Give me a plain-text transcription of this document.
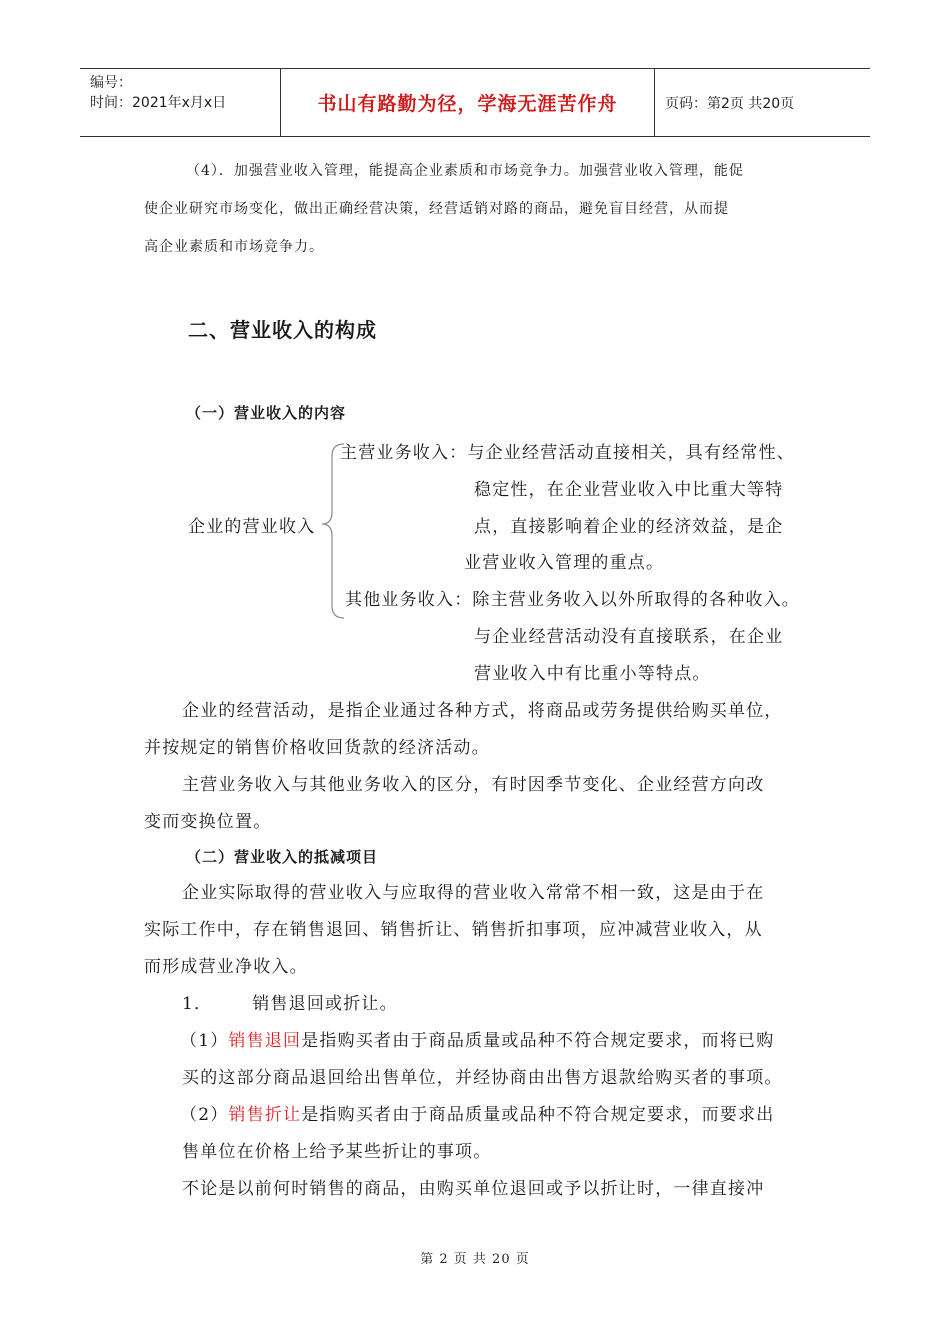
编号：
时间：2021年x月x日	书山有路勤为径，学海无涯苦作舟	页码：第2页 共20页
（4）．加强营业收入管理，能提高企业素质和市场竞争力。加强营业收入管理，能促
使企业研究市场变化，做出正确经营决策，经营适销对路的商品，避免盲目经营，从而提
高企业素质和市场竞争力。
二、营业收入的构成
（一）营业收入的内容
企业的营业收入
主营业务收入：与企业经营活动直接相关，具有经常性、
稳定性，在企业营业收入中比重大等特
点，直接影响着企业的经济效益，是企
业营业收入管理的重点。
其他业务收入：除主营业务收入以外所取得的各种收入。
与企业经营活动没有直接联系，在企业
营业收入中有比重小等特点。
企业的经营活动，是指企业通过各种方式，将商品或劳务提供给购买单位，
并按规定的销售价格收回货款的经济活动。
主营业务收入与其他业务收入的区分，有时因季节变化、企业经营方向改
变而变换位置。
（二）营业收入的抵减项目
企业实际取得的营业收入与应取得的营业收入常常不相一致，这是由于在
实际工作中，存在销售退回、销售折让、销售折扣事项，应冲减营业收入，从
而形成营业净收入。
1． 销售退回或折让。
（1）销售退回是指购买者由于商品质量或品种不符合规定要求，而将已购
买的这部分商品退回给出售单位，并经协商由出售方退款给购买者的事项。
（2）销售折让是指购买者由于商品质量或品种不符合规定要求，而要求出
售单位在价格上给予某些折让的事项。
不论是以前何时销售的商品，由购买单位退回或予以折让时，一律直接冲
第 2 页 共 20 页
